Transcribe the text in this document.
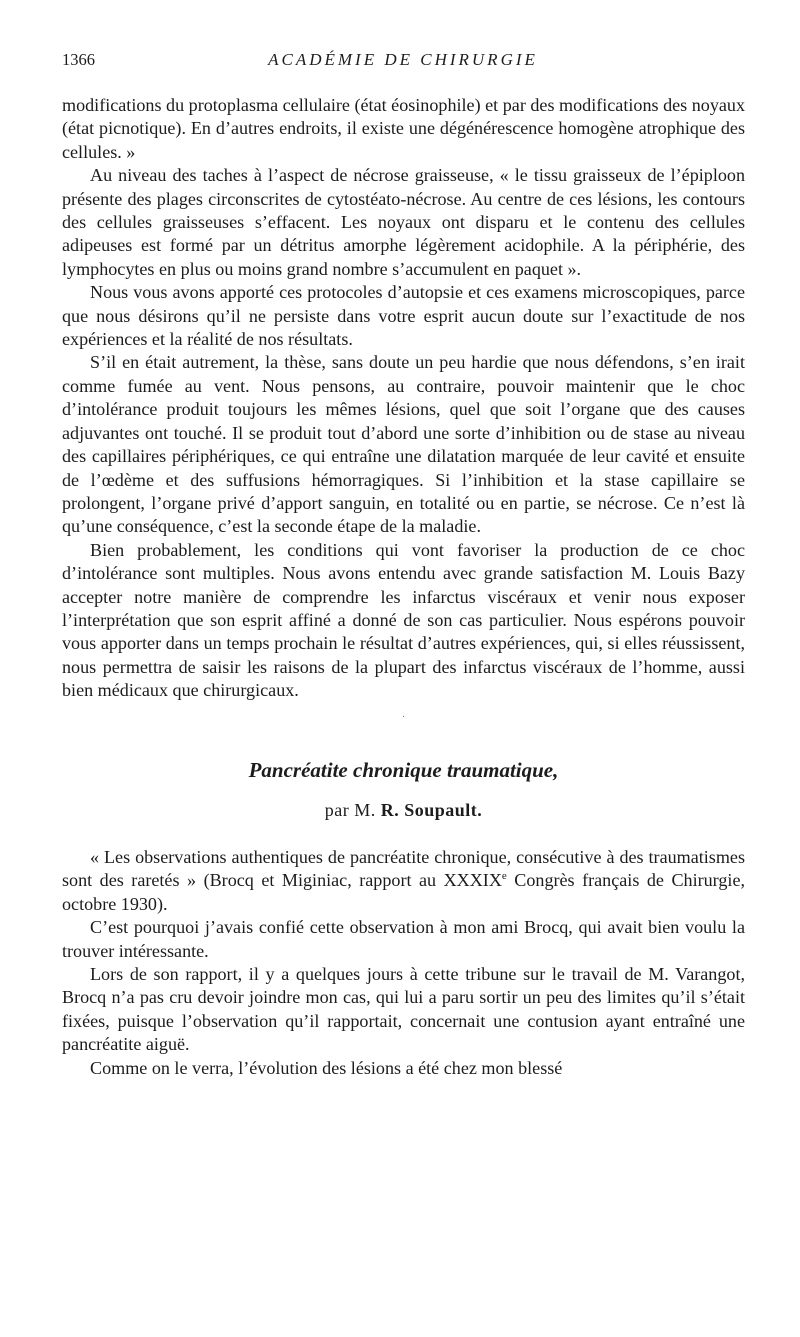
1366	ACADÉMIE DE CHIRURGIE

modifications du protoplasma cellulaire (état éosinophile) et par des modifications des noyaux (état picnotique). En d’autres endroits, il existe une dégénérescence homogène atrophique des cellules. »

Au niveau des taches à l’aspect de nécrose graisseuse, « le tissu graisseux de l’épiploon présente des plages circonscrites de cytostéato-nécrose. Au centre de ces lésions, les contours des cellules graisseuses s’effacent. Les noyaux ont disparu et le contenu des cellules adipeuses est formé par un détritus amorphe légèrement acidophile. A la périphérie, des lymphocytes en plus ou moins grand nombre s’accumulent en paquet ».

Nous vous avons apporté ces protocoles d’autopsie et ces examens microscopiques, parce que nous désirons qu’il ne persiste dans votre esprit aucun doute sur l’exactitude de nos expériences et la réalité de nos résultats.

S’il en était autrement, la thèse, sans doute un peu hardie que nous défendons, s’en irait comme fumée au vent. Nous pensons, au contraire, pouvoir maintenir que le choc d’intolérance produit toujours les mêmes lésions, quel que soit l’organe que des causes adjuvantes ont touché. Il se produit tout d’abord une sorte d’inhibition ou de stase au niveau des capillaires périphériques, ce qui entraîne une dilatation marquée de leur cavité et ensuite de l’œdème et des suffusions hémorragiques. Si l’inhibition et la stase capillaire se prolongent, l’organe privé d’apport sanguin, en totalité ou en partie, se nécrose. Ce n’est là qu’une conséquence, c’est la seconde étape de la maladie.

Bien probablement, les conditions qui vont favoriser la production de ce choc d’intolérance sont multiples. Nous avons entendu avec grande satisfaction M. Louis Bazy accepter notre manière de comprendre les infarctus viscéraux et venir nous exposer l’interprétation que son esprit affiné a donné de son cas particulier. Nous espérons pouvoir vous apporter dans un temps prochain le résultat d’autres expériences, qui, si elles réussissent, nous permettra de saisir les raisons de la plupart des infarctus viscéraux de l’homme, aussi bien médicaux que chirurgicaux.

·
Pancréatite chronique traumatique,
par M. R. Soupault.

« Les observations authentiques de pancréatite chronique, consécutive à des traumatismes sont des raretés » (Brocq et Miginiac, rapport au XXXIXe Congrès français de Chirurgie, octobre 1930).

C’est pourquoi j’avais confié cette observation à mon ami Brocq, qui avait bien voulu la trouver intéressante.

Lors de son rapport, il y a quelques jours à cette tribune sur le travail de M. Varangot, Brocq n’a pas cru devoir joindre mon cas, qui lui a paru sortir un peu des limites qu’il s’était fixées, puisque l’observation qu’il rapportait, concernait une contusion ayant entraîné une pancréatite aiguë.

Comme on le verra, l’évolution des lésions a été chez mon blessé
